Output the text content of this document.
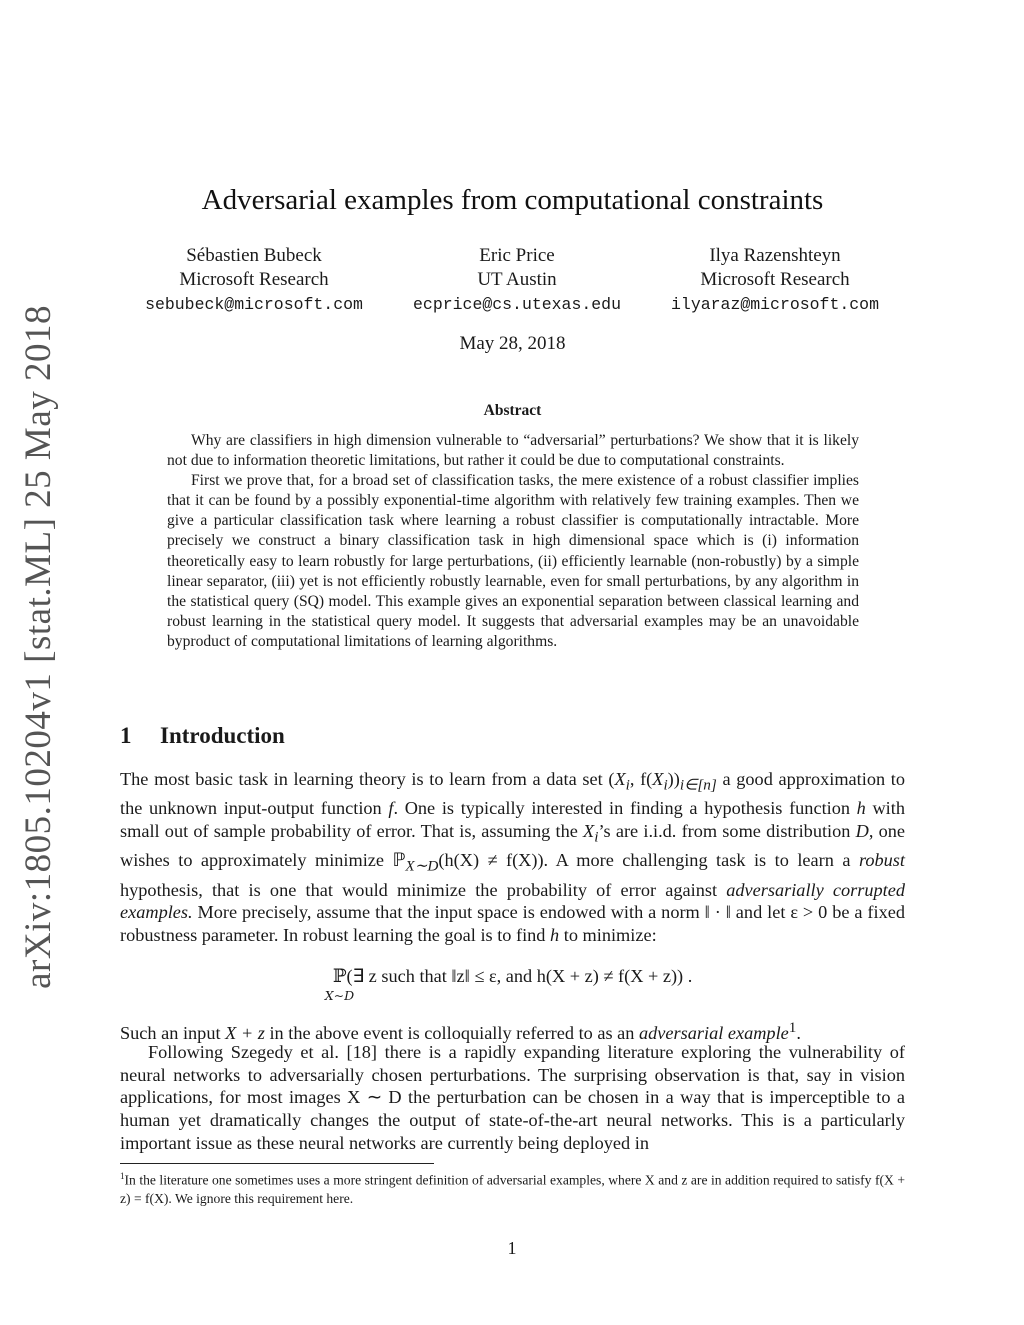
arXiv:1805.10204v1 [stat.ML] 25 May 2018
Adversarial examples from computational constraints
Sébastien Bubeck
Microsoft Research
sebubeck@microsoft.com
Eric Price
UT Austin
ecprice@cs.utexas.edu
Ilya Razenshteyn
Microsoft Research
ilyaraz@microsoft.com
May 28, 2018
Abstract

Why are classifiers in high dimension vulnerable to “adversarial” perturbations? We show that it is likely not due to information theoretic limitations, but rather it could be due to computational constraints.

First we prove that, for a broad set of classification tasks, the mere existence of a robust classifier implies that it can be found by a possibly exponential-time algorithm with relatively few training examples. Then we give a particular classification task where learning a robust classifier is computationally intractable. More precisely we construct a binary classification task in high dimensional space which is (i) information theoretically easy to learn robustly for large perturbations, (ii) efficiently learnable (non-robustly) by a simple linear separator, (iii) yet is not efficiently robustly learnable, even for small perturbations, by any algorithm in the statistical query (SQ) model. This example gives an exponential separation between classical learning and robust learning in the statistical query model. It suggests that adversarial examples may be an unavoidable byproduct of computational limitations of learning algorithms.

1 Introduction

The most basic task in learning theory is to learn from a data set ($X_i$, $f(X_i))_{i\in[n]}$ a good approximation to the unknown input-output function f. One is typically interested in finding a hypothesis function h with small out of sample probability of error. That is, assuming the $X_i’s$ are i.i.d. from some distribution D, one wishes to approximately minimize ℙ$_{X\sim D}$(h(X) ≠ f(X)). A more challenging task is to learn a robust hypothesis, that is one that would minimize the probability of error against adversarially corrupted examples. More precisely, assume that the input space is endowed with a norm ‖ · ‖ and let ε > 0 be a fixed robustness parameter. In robust learning the goal is to find h to minimize:

ℙ
X∼D
(∃ z such that ‖z‖ ≤ ε, and h(X + z) ≠ f(X + z)) .

Such an input X + z in the above event is colloquially referred to as an adversarial example$^1$.

Following Szegedy et al. [18] there is a rapidly expanding literature exploring the vulnerability of neural networks to adversarially chosen perturbations. The surprising observation is that, say in vision applications, for most images X ∼ D the perturbation can be chosen in a way that is imperceptible to a human yet dramatically changes the output of state-of-the-art neural networks. This is a particularly important issue as these neural networks are currently being deployed in

$^1$In the literature one sometimes uses a more stringent definition of adversarial examples, where X and z are in addition required to satisfy f(X + z) = f(X). We ignore this requirement here.
1
